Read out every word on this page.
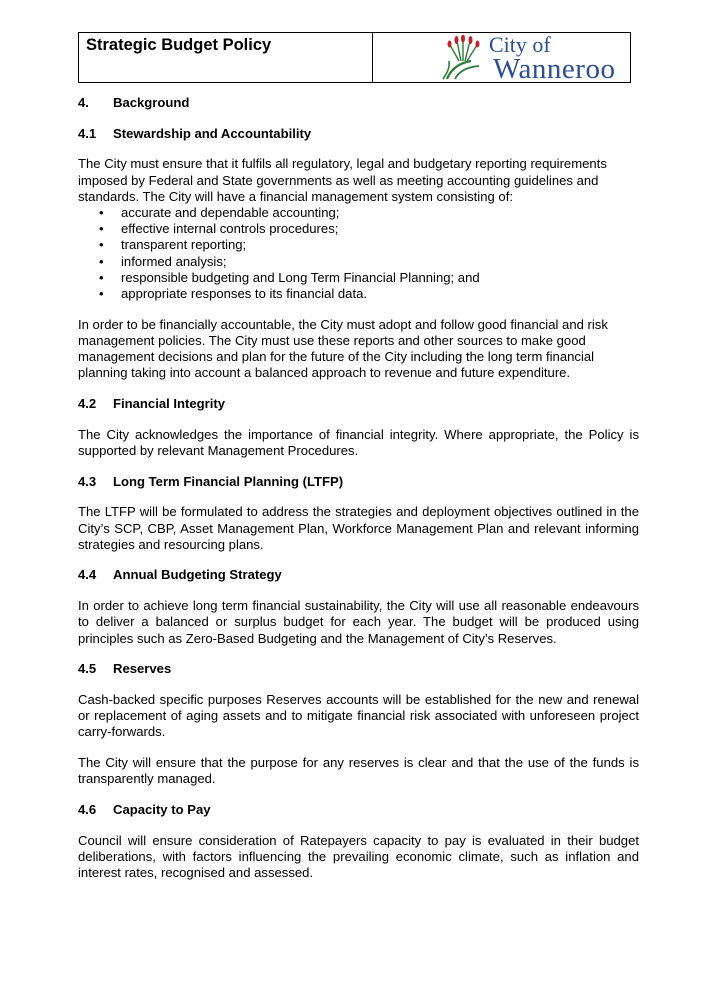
Strategic Budget Policy	City of
Wanneroo
4.	Background
4.1	Stewardship and Accountability

The City must ensure that it fulfils all regulatory, legal and budgetary reporting requirements imposed by Federal and State governments as well as meeting accounting guidelines and standards. The City will have a financial management system consisting of:

•	accurate and dependable accounting;
•	effective internal controls procedures;
•	transparent reporting;
•	informed analysis;
•	responsible budgeting and Long Term Financial Planning; and
•	appropriate responses to its financial data.

In order to be financially accountable, the City must adopt and follow good financial and risk management policies. The City must use these reports and other sources to make good management decisions and plan for the future of the City including the long term financial planning taking into account a balanced approach to revenue and future expenditure.

4.2	Financial Integrity

The City acknowledges the importance of financial integrity. Where appropriate, the Policy is supported by relevant Management Procedures.

4.3	Long Term Financial Planning (LTFP)

The LTFP will be formulated to address the strategies and deployment objectives outlined in the City’s SCP, CBP, Asset Management Plan, Workforce Management Plan and relevant informing strategies and resourcing plans.

4.4	Annual Budgeting Strategy

In order to achieve long term financial sustainability, the City will use all reasonable endeavours to deliver a balanced or surplus budget for each year. The budget will be produced using principles such as Zero-Based Budgeting and the Management of City’s Reserves.

4.5	Reserves

Cash-backed specific purposes Reserves accounts will be established for the new and renewal or replacement of aging assets and to mitigate financial risk associated with unforeseen project carry-forwards.

The City will ensure that the purpose for any reserves is clear and that the use of the funds is transparently managed.

4.6	Capacity to Pay

Council will ensure consideration of Ratepayers capacity to pay is evaluated in their budget deliberations, with factors influencing the prevailing economic climate, such as inflation and interest rates, recognised and assessed.
